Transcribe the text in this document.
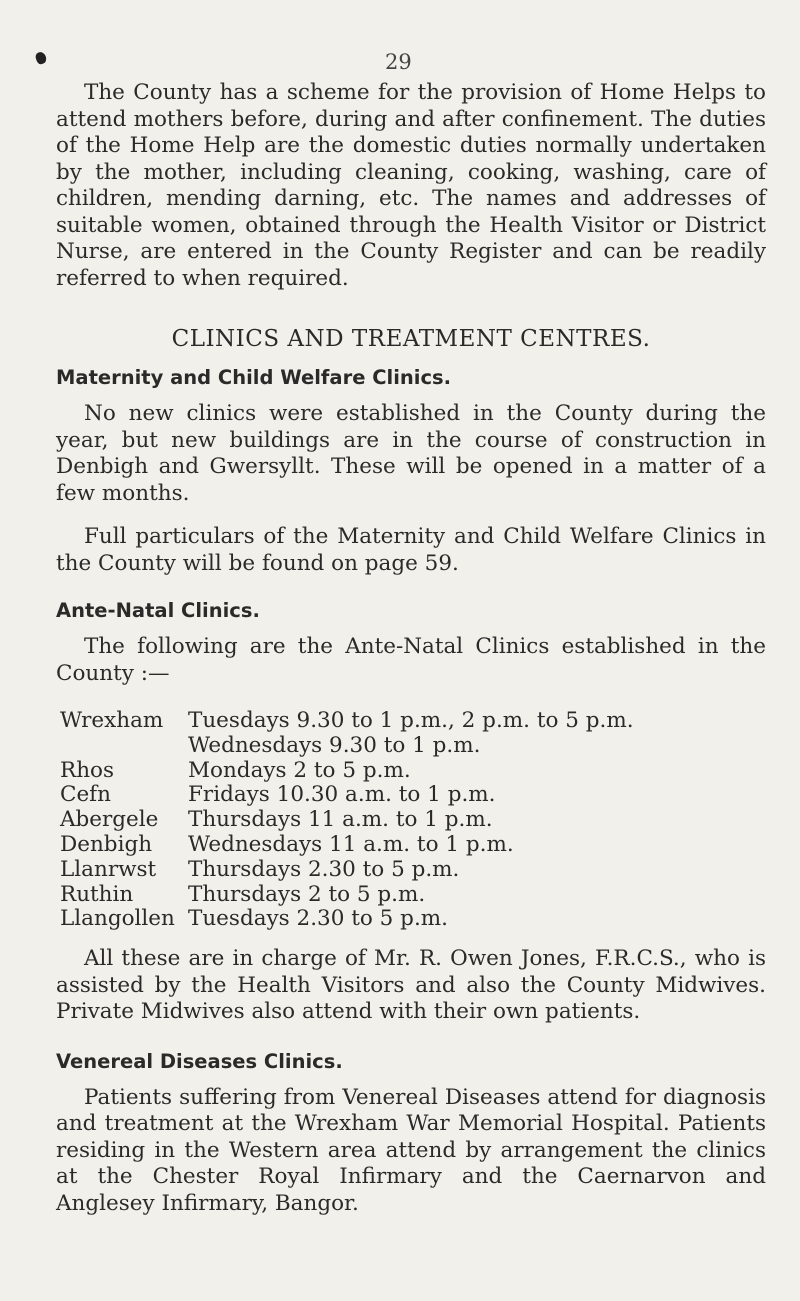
29

The County has a scheme for the provision of Home Helps to attend mothers before, during and after confinement. The duties of the Home Help are the domestic duties normally undertaken by the mother, including cleaning, cooking, washing, care of children, mending darning, etc. The names and addresses of suitable women, obtained through the Health Visitor or District Nurse, are entered in the County Register and can be readily referred to when required.

CLINICS AND TREATMENT CENTRES.
Maternity and Child Welfare Clinics.

No new clinics were established in the County during the year, but new buildings are in the course of construction in Denbigh and Gwersyllt. These will be opened in a matter of a few months.

Full particulars of the Maternity and Child Welfare Clinics in the County will be found on page 59.

Ante-Natal Clinics.

The following are the Ante-Natal Clinics established in the County :—

Wrexham	Tuesdays 9.30 to 1 p.m., 2 p.m. to 5 p.m.
Wednesdays 9.30 to 1 p.m.
Rhos	Mondays 2 to 5 p.m.
Cefn	Fridays 10.30 a.m. to 1 p.m.
Abergele	Thursdays 11 a.m. to 1 p.m.
Denbigh	Wednesdays 11 a.m. to 1 p.m.
Llanrwst	Thursdays 2.30 to 5 p.m.
Ruthin	Thursdays 2 to 5 p.m.
Llangollen Tuesdays 2.30 to 5 p.m.

All these are in charge of Mr. R. Owen Jones, F.R.C.S., who is assisted by the Health Visitors and also the County Midwives. Private Midwives also attend with their own patients.

Venereal Diseases Clinics.

Patients suffering from Venereal Diseases attend for diagnosis and treatment at the Wrexham War Memorial Hospital. Patients residing in the Western area attend by arrangement the clinics at the Chester Royal Infirmary and the Caernarvon and Anglesey Infirmary, Bangor.
